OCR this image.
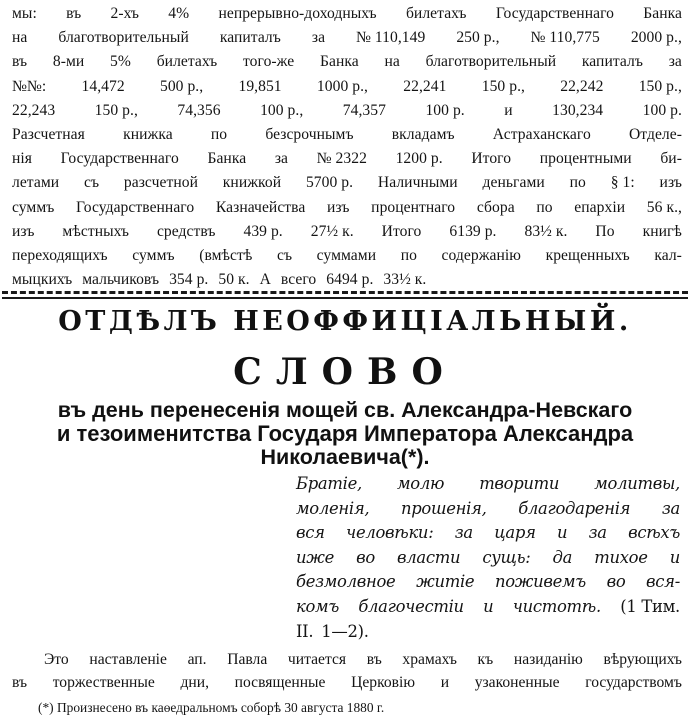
мы: въ 2-хъ 4% непрерывно-доходныхъ билетахъ Государственнаго Банка
на благотворительный капиталъ за № 110,149 250 р., № 110,775 2000 р.,
въ 8-ми 5% билетахъ того-же Банка на благотворительный капиталъ за
№№: 14,472 500 р., 19,851 1000 р., 22,241 150 р., 22,242 150 р.,
22,243	150 р.,	74,356	100 р.,	74,357	100 р.	и	130,234	100 р.
Разсчетная книжка по безсрочнымъ вкладамъ Астраханскаго Отделе-
нія Государственнаго Банка за № 2322 1200 р. Итого процентными би-
летами съ разсчетной книжкой 5700 р. Наличными деньгами по § 1: изъ
суммъ Государственнаго Казначейства изъ процентнаго сбора по епархіи 56 к.,
изъ мѣстныхъ средствъ 439 р. 27½ к. Итого 6139 р. 83½ к. По книгѣ
переходящихъ суммъ (вмѣстѣ съ суммами по содержанію крещенныхъ кал-
мыцкихъ мальчиковъ 354 р. 50 к. А всего 6494 р. 33½ к.
ОТДѢЛЪ НЕОФФИЦІАЛЬНЫЙ.
СЛОВО
въ день перенесенія мощей св. Александра-Невскаго
и тезоименитства Государя Императора Александра
Николаевича(*).
Братіе, молю творити молитвы,
моленія, прошенія, благодаренія за
вся человѣки: за царя и за всѣхъ
иже во власти сущь: да тихое и
безмолвное житіе поживемъ во вся-
комъ благочестіи и чистотѣ. (1 Тим.
II. 1—2).
Это наставленіе ап. Павла читается въ храмахъ къ назиданію вѣрующихъ
въ торжественные дни, посвященные Церковію и узаконенные государствомъ
(*) Произнесено въ каѳедральномъ соборѣ 30 августа 1880 г.
